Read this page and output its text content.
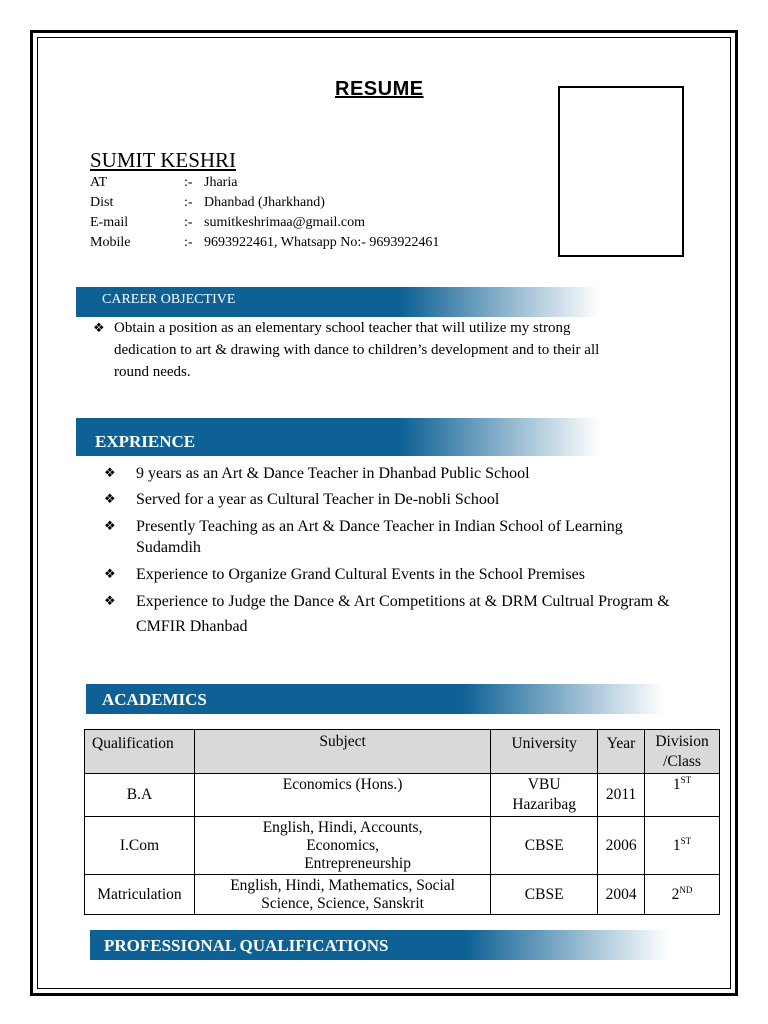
RESUME
SUMIT KESHRI
AT	:- Jharia
Dist	:- Dhanbad (Jharkhand)
E-mail	:- sumitkeshrimaa@gmail.com
Mobile	:- 9693922461, Whatsapp No:- 9693922461
CAREER OBJECTIVE
❖ Obtain a position as an elementary school teacher that will utilize my strong
dedication to art & drawing with dance to children’s development and to their all
round needs.
EXPRIENCE
❖ 9 years as an Art & Dance Teacher in Dhanbad Public School
❖ Served for a year as Cultural Teacher in De-nobli School
❖ Presently Teaching as an Art & Dance Teacher in Indian School of Learning
Sudamdih
❖ Experience to Organize Grand Cultural Events in the School Premises
❖ Experience to Judge the Dance & Art Competitions at & DRM Cultrual Program &
CMFIR Dhanbad
ACADEMICS
Qualification	Subject	University	Year	Division
/Class

B.A	Economics (Hons.)	VBU
Hazaribag	2011	1ST
I.Com	English, Hindi, Accounts,
Economics,
Entrepreneurship	CBSE	2006	1ST
Matriculation	English, Hindi, Mathematics, Social
Science, Science, Sanskrit	CBSE	2004	2ND
PROFESSIONAL QUALIFICATIONS
